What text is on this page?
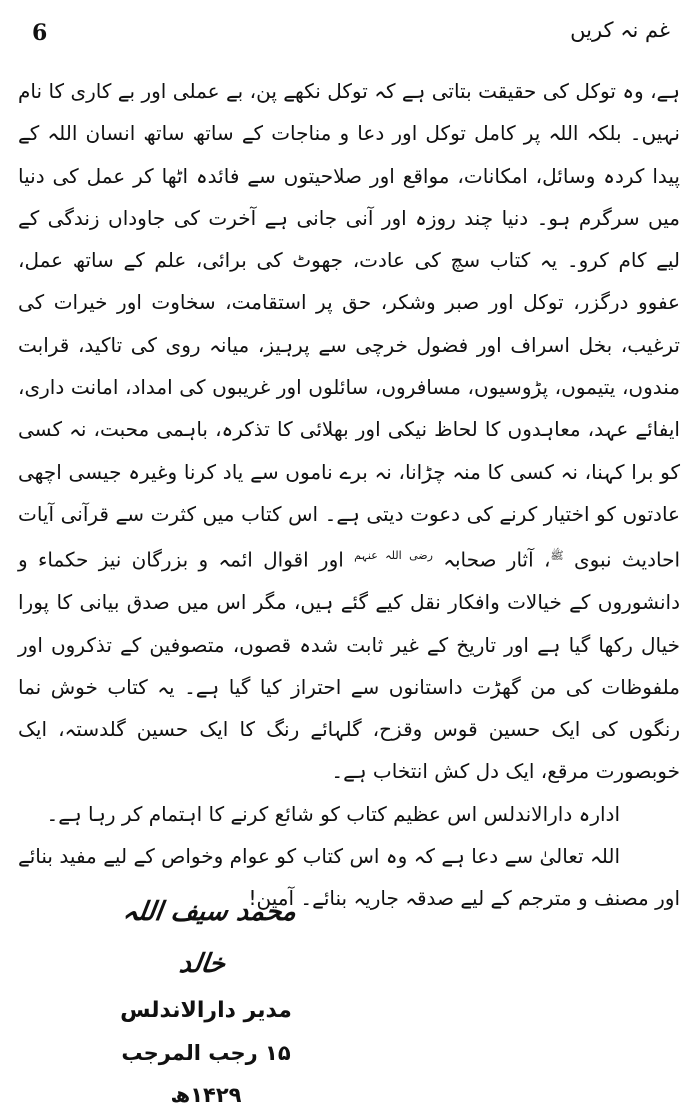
6	غم نہ کریں

ہے، وہ توکل کی حقیقت بتاتی ہے کہ توکل نکھے پن، بے عملی اور بے کاری کا نام نہیں۔ بلکہ اللہ پر کامل توکل اور دعا و مناجات کے ساتھ ساتھ انسان اللہ کے پیدا کردہ وسائل، امکانات، مواقع اور صلاحیتوں سے فائدہ اٹھا کر عمل کی دنیا میں سرگرم ہو۔ دنیا چند روزہ اور آنی جانی ہے آخرت کی جاوداں زندگی کے لیے کام کرو۔ یہ کتاب سچ کی عادت، جھوٹ کی برائی، علم کے ساتھ عمل، عفوو درگزر، توکل اور صبر وشکر، حق پر استقامت، سخاوت اور خیرات کی ترغیب، بخل اسراف اور فضول خرچی سے پرہیز، میانہ روی کی تاکید، قرابت مندوں، یتیموں، پڑوسیوں، مسافروں، سائلوں اور غریبوں کی امداد، امانت داری، ایفائے عہد، معاہدوں کا لحاظ نیکی اور بھلائی کا تذکرہ، باہمی محبت، نہ کسی کو برا کہنا، نہ کسی کا منہ چڑانا، نہ برے ناموں سے یاد کرنا وغیرہ جیسی اچھی عادتوں کو اختیار کرنے کی دعوت دیتی ہے۔ اس کتاب میں کثرت سے قرآنی آیات احادیث نبوی $^ﷺ$، آثار صحابہ $^{رضی اللہ عنہم}$ اور اقوال ائمہ و بزرگان نیز حکماء و دانشوروں کے خیالات وافکار نقل کیے گئے ہیں، مگر اس میں صدق بیانی کا پورا خیال رکھا گیا ہے اور تاریخ کے غیر ثابت شدہ قصوں، متصوفین کے تذکروں اور ملفوظات کی من گھڑت داستانوں سے احتراز کیا گیا ہے۔ یہ کتاب خوش نما رنگوں کی ایک حسین قوس وقزح، گلہائے رنگ کا ایک حسین گلدستہ، ایک خوبصورت مرقع، ایک دل کش انتخاب ہے۔

ادارہ دارالاندلس اس عظیم کتاب کو شائع کرنے کا اہتمام کر رہا ہے۔

اللہ تعالیٰ سے دعا ہے کہ وہ اس کتاب کو عوام وخواص کے لیے مفید بنائے اور مصنف و مترجم کے لیے صدقہ جاریہ بنائے۔ آمین!

محمد سیف اللہ خالد
مدیر دارالاندلس
۱۵ رجب المرجب ۱۴۲۹ھ
